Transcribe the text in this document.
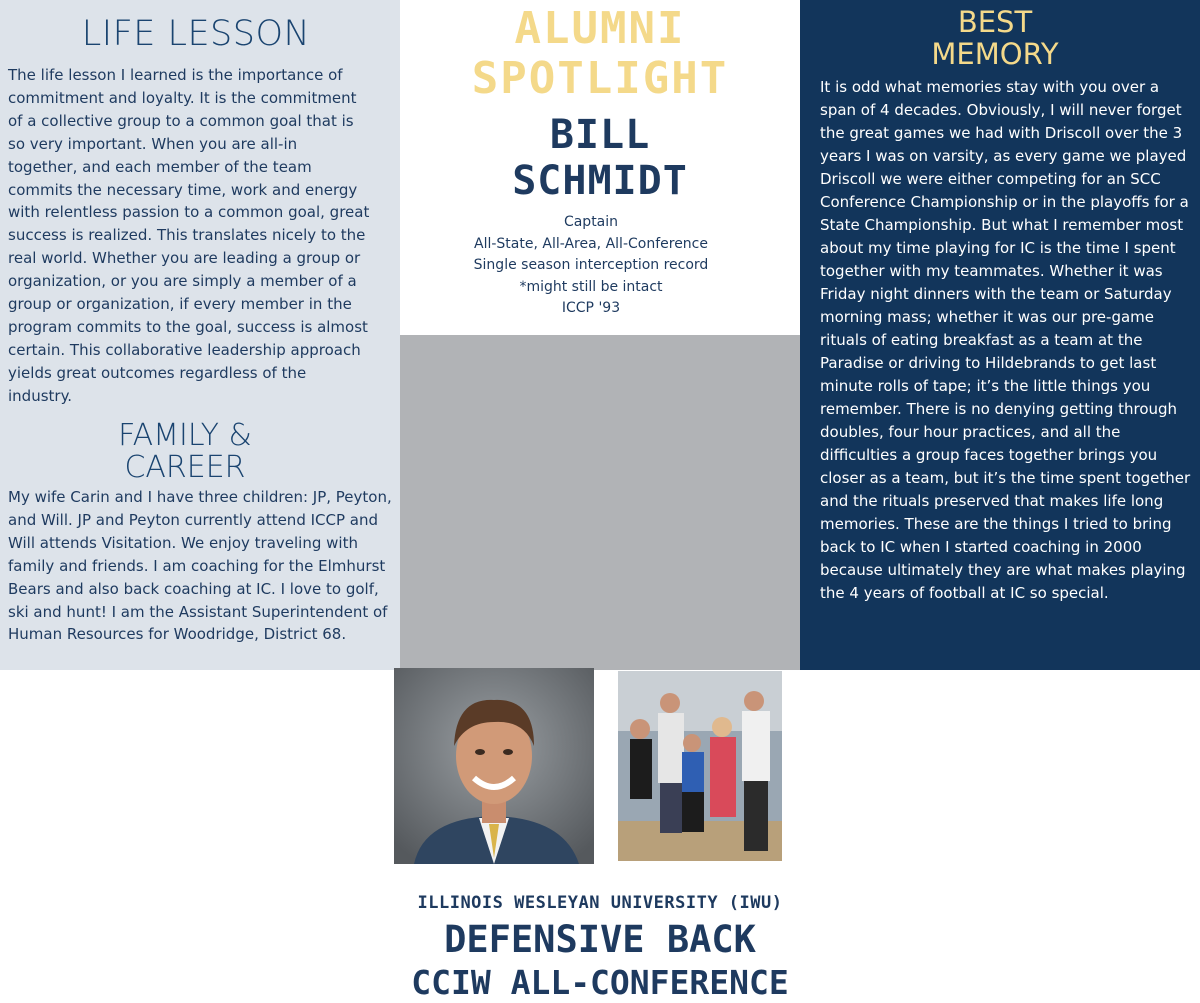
LIFE LESSON
The life lesson I learned is the importance of commitment and loyalty. It is the commitment of a collective group to a common goal that is so very important. When you are all-in together, and each member of the team commits the necessary time, work and energy with relentless passion to a common goal, great success is realized. This translates nicely to the real world. Whether you are leading a group or organization, or you are simply a member of a group or organization, if every member in the program commits to the goal, success is almost certain. This collaborative leadership approach yields great outcomes regardless of the industry.
FAMILY &
CAREER
My wife Carin and I have three children: JP, Peyton, and Will. JP and Peyton currently attend ICCP and Will attends Visitation. We enjoy traveling with family and friends. I am coaching for the Elmhurst Bears and also back coaching at IC. I love to golf, ski and hunt! I am the Assistant Superintendent of Human Resources for Woodridge, District 68.
ALUMNI
SPOTLIGHT
BILL
SCHMIDT
Captain
All-State, All-Area, All-Conference
Single season interception record
*might still be intact
ICCP '93
ILLINOIS WESLEYAN UNIVERSITY (IWU)
DEFENSIVE BACK
CCIW ALL-CONFERENCE
BEST
MEMORY
It is odd what memories stay with you over a span of 4 decades. Obviously, I will never forget the great games we had with Driscoll over the 3 years I was on varsity, as every game we played Driscoll we were either competing for an SCC Conference Championship or in the playoffs for a State Championship. But what I remember most about my time playing for IC is the time I spent together with my teammates. Whether it was Friday night dinners with the team or Saturday morning mass; whether it was our pre-game rituals of eating breakfast as a team at the Paradise or driving to Hildebrands to get last minute rolls of tape; it’s the little things you remember. There is no denying getting through doubles, four hour practices, and all the difficulties a group faces together brings you closer as a team, but it’s the time spent together and the rituals preserved that makes life long memories. These are the things I tried to bring back to IC when I started coaching in 2000 because ultimately they are what makes playing the 4 years of football at IC so special.
